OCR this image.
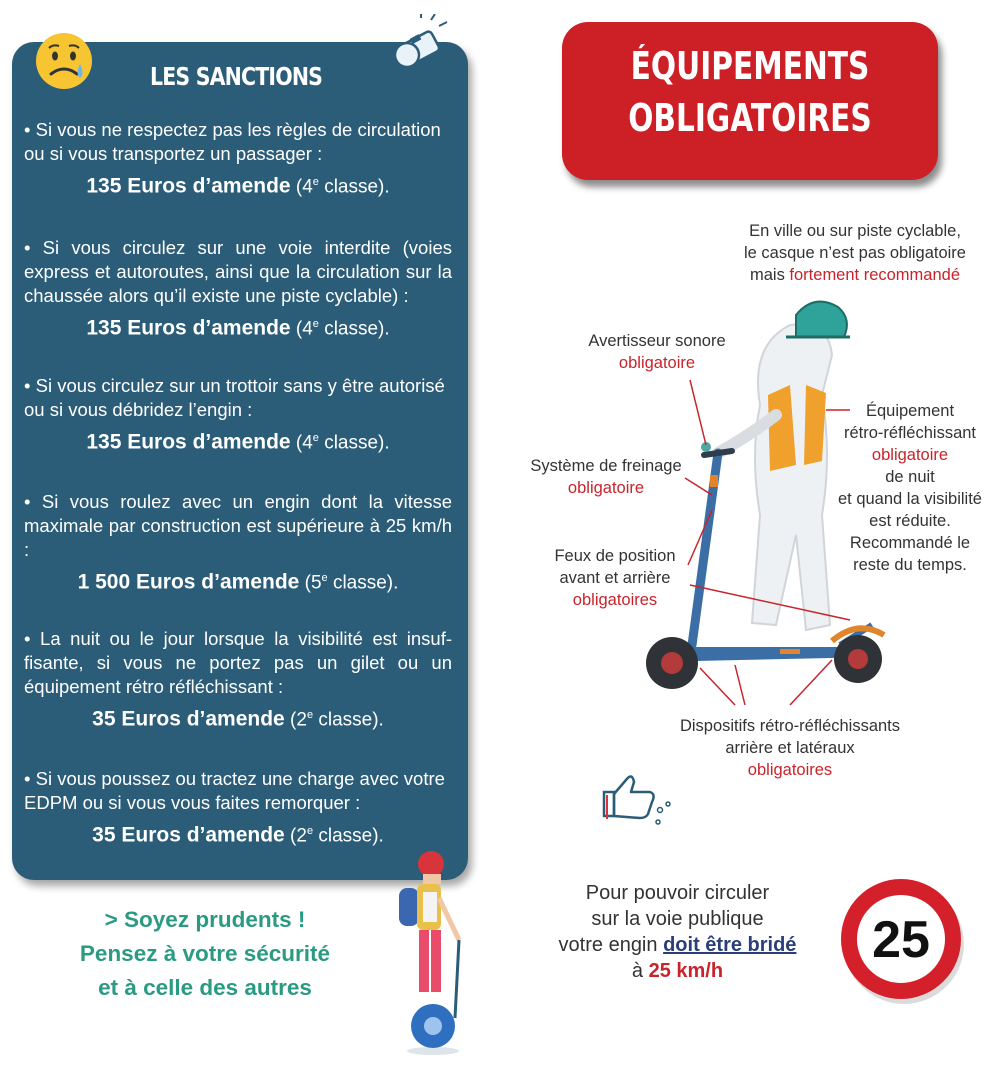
LES SANCTIONS

• Si vous ne respectez pas les règles de circulation ou si vous transportez un passager :

135 Euros d’amende (4e classe).

• Si vous circulez sur une voie interdite (voies express et autoroutes, ainsi que la circulation sur la chaussée alors qu’il existe une piste cyclable) :

135 Euros d’amende (4e classe).

• Si vous circulez sur un trottoir sans y être autorisé ou si vous débridez l’engin :

135 Euros d’amende (4e classe).

• Si vous roulez avec un engin dont la vitesse maximale par construction est supérieure à 25 km/h :

1 500 Euros d’amende (5e classe).

• La nuit ou le jour lorsque la visibilité est insuf-fisante, si vous ne portez pas un gilet ou un équipement rétro réfléchissant :

35 Euros d’amende (2e classe).

• Si vous poussez ou tractez une charge avec votre EDPM ou si vous vous faites remorquer :

35 Euros d’amende (2e classe).
> Soyez prudents !
Pensez à votre sécurité
et à celle des autres
ÉQUIPEMENTS
OBLIGATOIRES
En ville ou sur piste cyclable,
le casque n’est pas obligatoire
mais fortement recommandé
Avertisseur sonore
obligatoire
Système de freinage
obligatoire
Feux de position
avant et arrière
obligatoires
Équipement
rétro-réfléchissant
obligatoire
de nuit
et quand la visibilité
est réduite.
Recommandé le
reste du temps.
Dispositifs rétro-réfléchissants
arrière et latéraux
obligatoires
Pour pouvoir circuler
sur la voie publique
votre engin doit être bridé
à 25 km/h
25
